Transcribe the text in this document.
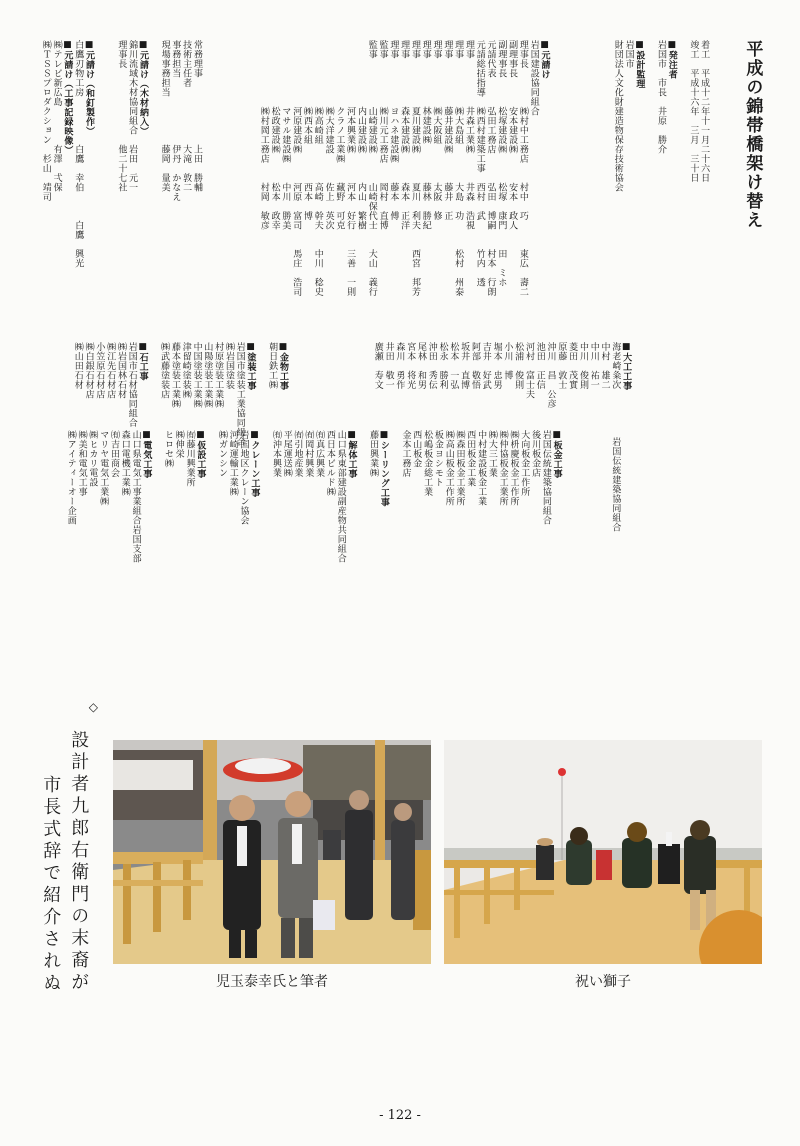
平成の錦帯橋架け替え
着工　平成十二年十一月二十六日
竣工　平成十六年　三月　三十日

■発注者
岩国市　市長　井原　勝介

■設計監理
岩国市
財団法人文化財建造物保存技術協会
■元請け
岩国建設協同組合
理事長　　　　㈱村中工務店　　村中　巧　　　東広　壽二
副理事長　　　安本建設㈱　　　安本　政人
副理事長　　　松塚建設㈱　　　松塚　康門　　田　ミホ
元請代表　　　弘田工務店　　　弘田　博嗣　　村本　行朗
元請総括指導　㈱西村建築工事　西村　武　　　竹内　透
理事　　　　　井森工業㈱　　　井森　浩視
理事　　　　　㈱大島組　　　　大島　功　　　松村　州泰
理事　　　　　藤井建設㈱　　　藤井　正
理事　　　　　㈱大阪組　　　　太阪　修
理事　　　　　林建設㈱　　　　藤林　勝紀
理事　　　　　夏川建設㈱　　　夏川　利夫　　西宮　邦芳
理事　　　　　森本建設㈱　　　森本　正洋
理事　　　　　ヨハネ建設㈱　　藤本　傅
監事　　　　　㈱川元工務店　　岡村　直博
監事　　　　　山崎建設㈱　　　山崎保代士　　大山　義行
　　　　　　　内山建設㈱　　　内山　繁樹
　　　　　　　河本興業㈱　　　河本　好行　　三善　一則
　　　　　　　クラノ工業㈱　　藏野　可克
　　　　　　　㈱大洋建設　　　佐上　英次
　　　　　　　㈱高崎組　　　　高崎　幹夫　　中川　稔史
　　　　　　　㈱西本組　　　　西本　博
　　　　　　　河原建設㈱　　　河原　富司　　馬庄　浩司
　　　　　　　マサル建設㈱　　中川　勝美
　　　　　　　松政建設㈱　　　松本　政幸
　　　　　　　㈱村岡工務店　　村岡　敏彦
常務理事　　　　　　　上田　勝輔
技術主任者　　　　　　大滝　敦二
事務担当　　　　　　　伊丹　かなえ
現場事務担当　　　　　藤岡　量美

■元請け（木材納入）
錦川流域木材協同組合　岩田　元一
理事長　　　　　　　　他二十七社

■元請け（和釘製作）
白鷹刃物工房　　　　　白鷹　幸伯　　　白鷹　興光
■元請け（工事記録映像）
㈱テレビ新広島　　　　有澤　弌保
㈱ＴＳＳプロダクション　杉山　靖司
■大工工事
海老崎粂次　　　　　岩国伝統建築協同組合
中村　雄二
中川　祐一
中川　俊則
菱田　茂實
原藤　敦士
沖川　昌　公彦
池田　正信
河村　富士夫
松浦　俊則
小川　博
堀本　忠男
吉井　好武
阿部　敬悟
坂井　直博
松本　一弘
松永　勝利
沖田　秀伝
尾林　和男
宮本　将光
森川　勇作
井田　敬一
廣瀬　寿文
■金物工事
朝日鉄工㈱

■塗装工事
岩国市塗装工業協同組合
㈱岩国塗装
村原塗装工業㈱
山陽塗装工業㈱
中国塗装工業㈱
津留崎塗装㈱
藤本塗装工業㈱
㈱武藤塗装店

■石工事
岩国市石材協同組合
㈱岩国林石材
㈱江先石材店
小笠原石材店
㈱白銀石材店
㈱山田石材
■板金工事
岩国伝統建築協同組合
後川板金店
大向板金工作所
㈱枡慶板金工作所
㈱仲協板金工業所
㈱大三工業
中村建設板金工業
西田板金工業
㈱森田板金工業所
㈱高山板金工作所
板金ヨシモト
松嶋板金総工業
西山板金
金本工務店

■シーリング工事
藤田興業㈱

■解体工事
山口県東部建設副産物共同組合
西日本ビルド㈱
㈲真広興業
㈲岡村興業
㈲引地産業
平尾運送㈱
㈲沖本興業

■クレーン工事
岩国地区クレーン協会
河崎運輸工業㈱
㈱ガンシン

■仮設工事
㈲藤川興業所
㈱伸栄
ヒロセ㈱

■電気工事
山口県電気工事業組合岩国支部
森口電機工業㈱
㈲吉田商会
マリヤ電気工業㈱
㈱ヒカリ電設
㈱美和電気工事
㈱アイティーオー企画
◇
設計者九郎右衛門の末裔が
市長式辞で紹介されぬ	児玉泰幸氏と筆者	祝い獅子
- 122 -
